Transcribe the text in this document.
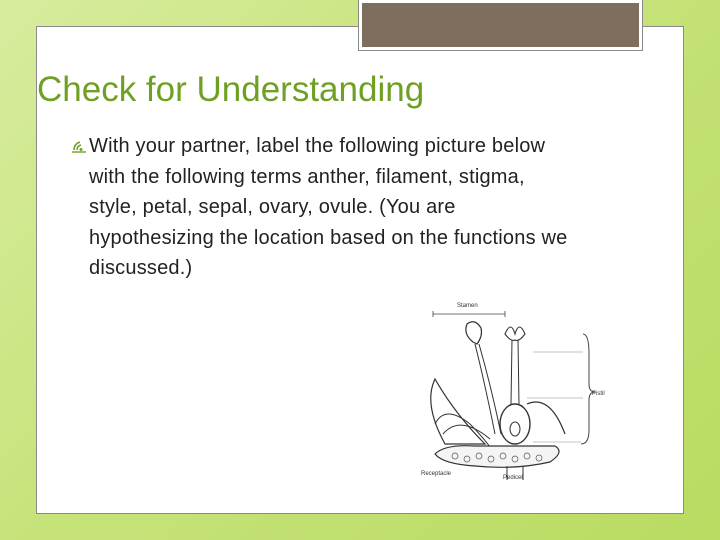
Check for Understanding

With your partner, label the following picture below with the following terms anther, filament, stigma, style, petal, sepal, ovary, ovule. (You are hypothesizing the location based on the functions we discussed.)

Stamen
Pistil
Receptacle
Pedicel
